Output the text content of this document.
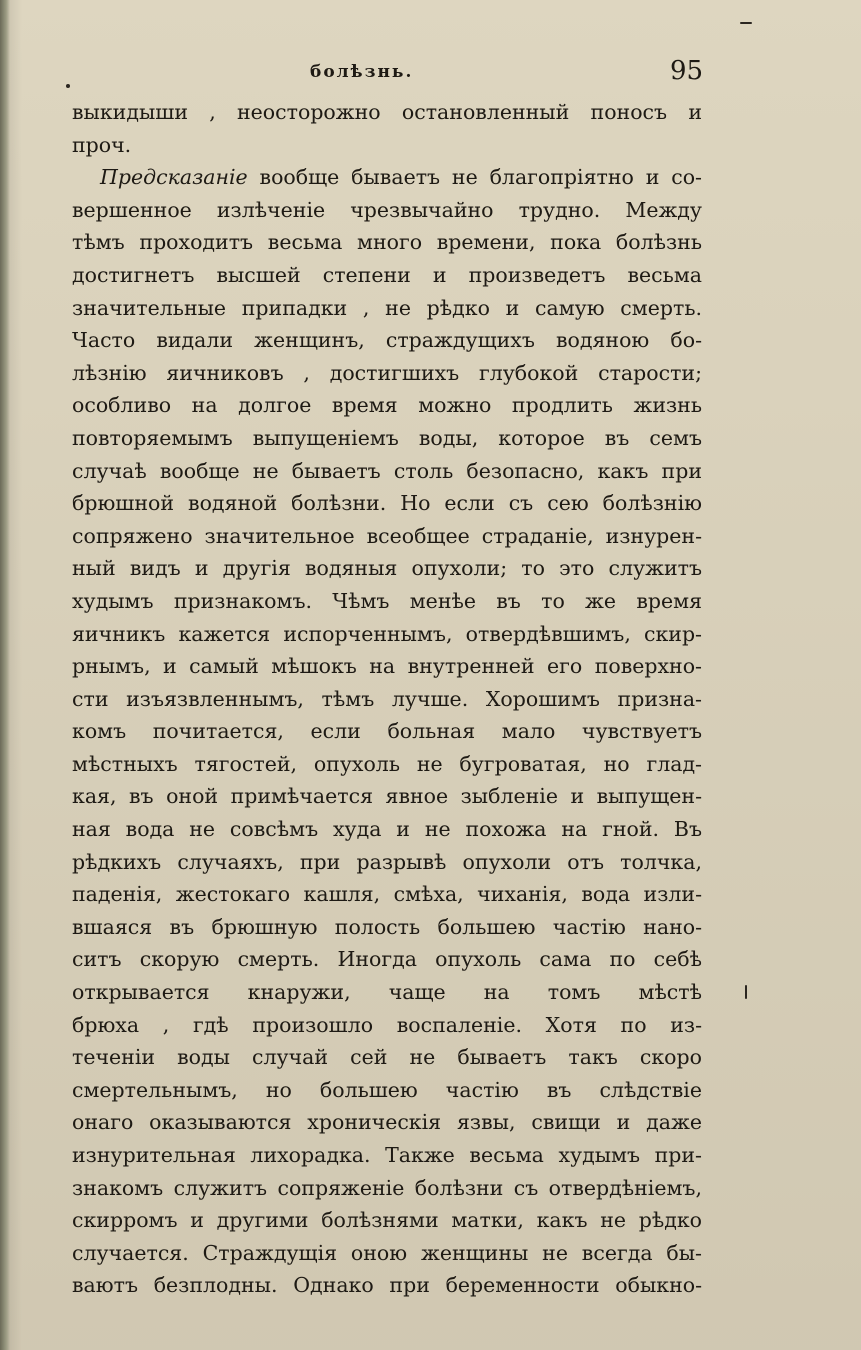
болѣзнь.	95
выкидыши , неосторожно остановленный поносъ и
проч.
Предсказаніе вообще бываетъ не благопріятно и со-
вершенное излѣченіе чрезвычайно трудно. Между
тѣмъ проходитъ весьма много времени, пока болѣзнь
достигнетъ высшей степени и произведетъ весьма
значительные припадки , не рѣдко и самую смерть.
Часто видали женщинъ, страждущихъ водяною бо-
лѣзнію яичниковъ , достигшихъ глубокой старости;
особливо на долгое время можно продлить жизнь
повторяемымъ выпущеніемъ воды, которое въ семъ
случаѣ вообще не бываетъ столь безопасно, какъ при
брюшной водяной болѣзни. Но если съ сею болѣзнію
сопряжено значительное всеобщее страданіе, изнурен-
ный видъ и другія водяныя опухоли; то это служитъ
худымъ признакомъ. Чѣмъ менѣе въ то же время
яичникъ кажется испорченнымъ, отвердѣвшимъ, скир-
рнымъ, и самый мѣшокъ на внутренней его поверхно-
сти изъязвленнымъ, тѣмъ лучше. Хорошимъ призна-
комъ почитается, если больная мало чувствуетъ
мѣстныхъ тягостей, опухоль не бугроватая, но глад-
кая, въ оной примѣчается явное зыбленіе и выпущен-
ная вода не совсѣмъ худа и не похожа на гной. Въ
рѣдкихъ случаяхъ, при разрывѣ опухоли отъ толчка,
паденія, жестокаго кашля, смѣха, чиханія, вода изли-
вшаяся въ брюшную полость большею частію нано-
ситъ скорую смерть. Иногда опухоль сама по себѣ
открывается кнаружи, чаще на томъ мѣстѣ
брюха , гдѣ произошло воспаленіе. Хотя по из-
теченіи воды случай сей не бываетъ такъ скоро
смертельнымъ, но большею частію въ слѣдствіе
онаго оказываются хроническія язвы, свищи и даже
изнурительная лихорадка. Также весьма худымъ при-
знакомъ служитъ сопряженіе болѣзни съ отвердѣніемъ,
скирромъ и другими болѣзнями матки, какъ не рѣдко
случается. Страждущія оною женщины не всегда бы-
ваютъ безплодны. Однако при беременности обыкно-
